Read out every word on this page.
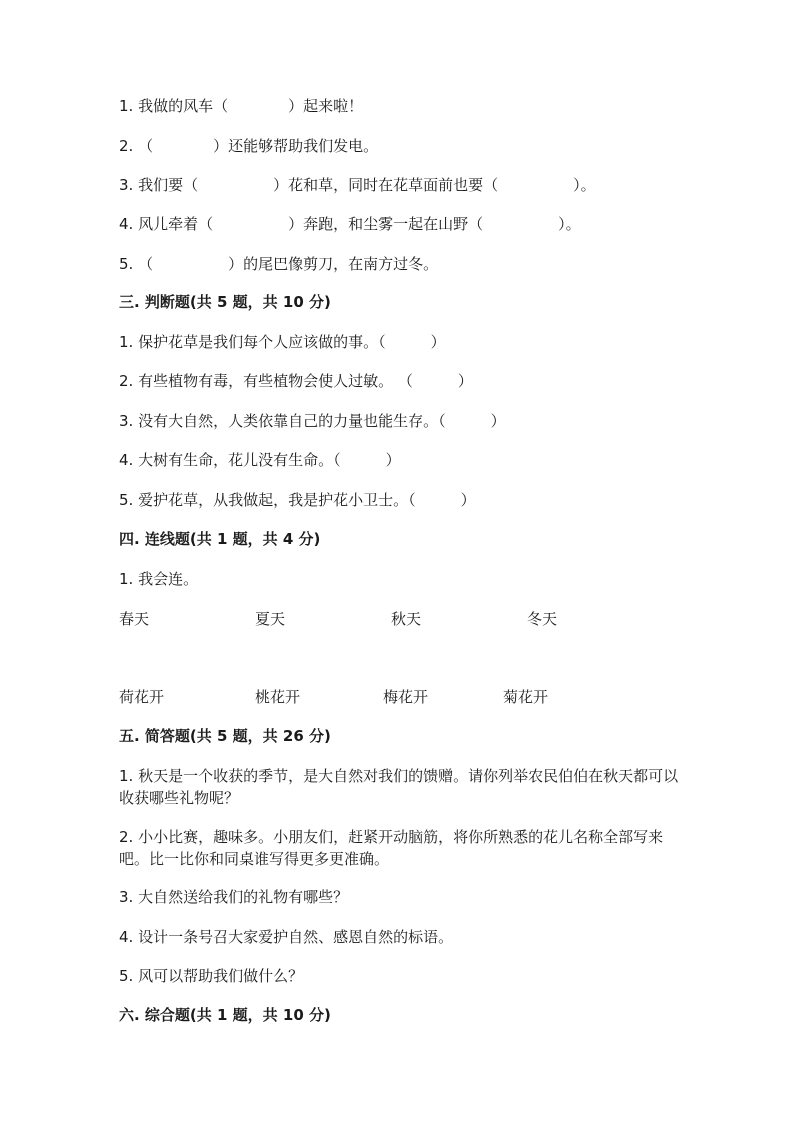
1. 我做的风车（　　　　）起来啦！
2. （　　　　）还能够帮助我们发电。
3. 我们要（　　　　　）花和草，同时在花草面前也要（　　　　　）。
4. 风儿牵着（　　　　　）奔跑，和尘雾一起在山野（　　　　　）。
5. （　　　　　）的尾巴像剪刀，在南方过冬。
三. 判断题(共 5 题，共 10 分)
1. 保护花草是我们每个人应该做的事。（　　　）
2. 有些植物有毒，有些植物会使人过敏。 （　　　）
3. 没有大自然，人类依靠自己的力量也能生存。（　　　）
4. 大树有生命，花儿没有生命。（　　　）
5. 爱护花草，从我做起，我是护花小卫士。（　　　）
四. 连线题(共 1 题，共 4 分)
1. 我会连。
春天	夏天	秋天	冬天
荷花开	桃花开	梅花开	菊花开
五. 简答题(共 5 题，共 26 分)
1. 秋天是一个收获的季节，是大自然对我们的馈赠。请你列举农民伯伯在秋天都可以收获哪些礼物呢？
2. 小小比赛，趣味多。小朋友们，赶紧开动脑筋，将你所熟悉的花儿名称全部写来吧。比一比你和同桌谁写得更多更准确。
3. 大自然送给我们的礼物有哪些？
4. 设计一条号召大家爱护自然、感恩自然的标语。
5. 风可以帮助我们做什么？
六. 综合题(共 1 题，共 10 分)
